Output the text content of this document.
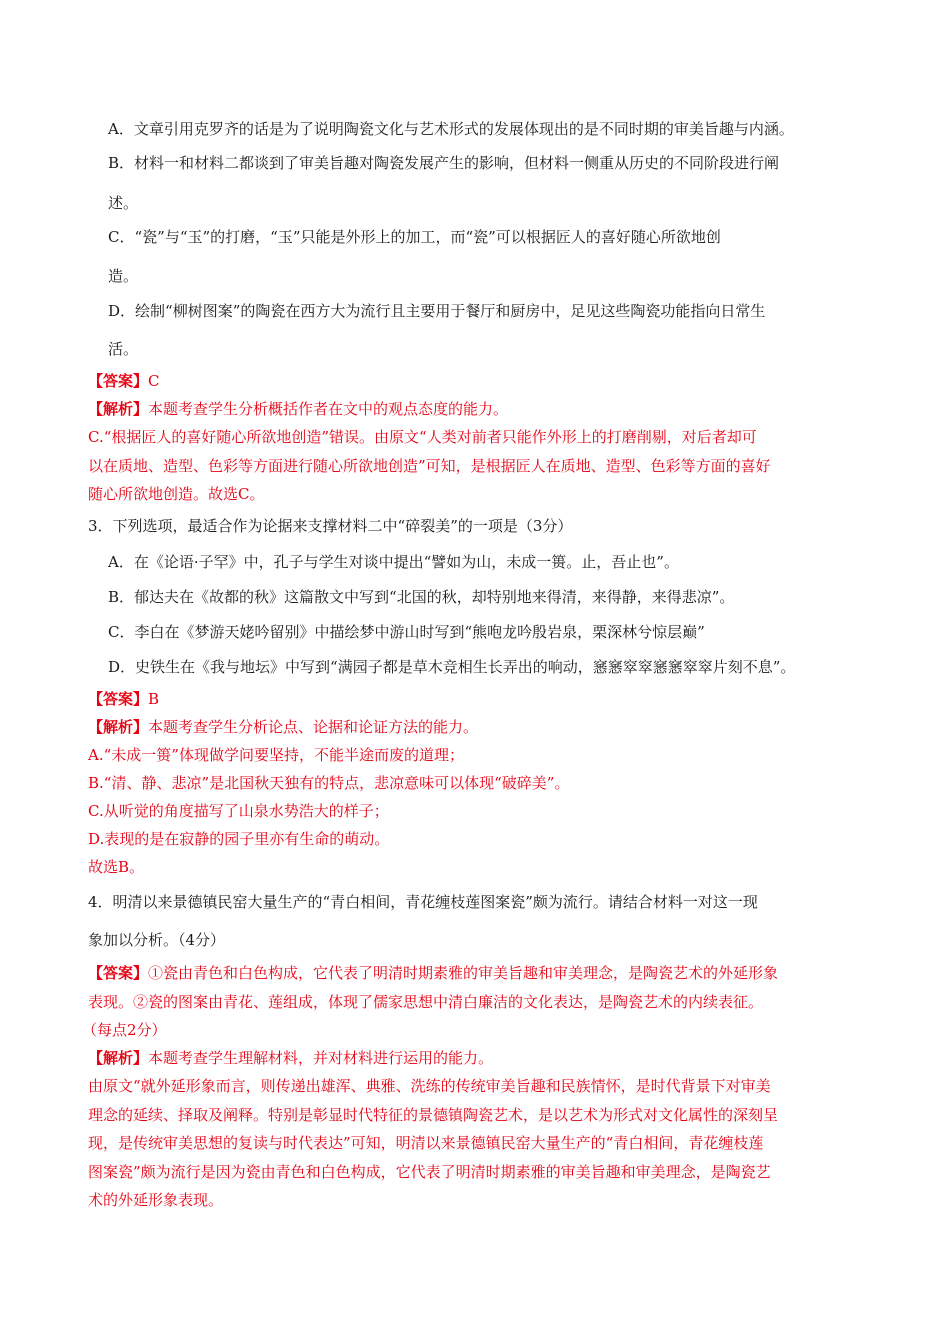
A．文章引用克罗齐的话是为了说明陶瓷文化与艺术形式的发展体现出的是不同时期的审美旨趣与内涵。
B．材料一和材料二都谈到了审美旨趣对陶瓷发展产生的影响，但材料一侧重从历史的不同阶段进行阐
述。
C．“瓷”与“玉”的打磨，“玉”只能是外形上的加工，而“瓷”可以根据匠人的喜好随心所欲地创
造。
D．绘制“柳树图案”的陶瓷在西方大为流行且主要用于餐厅和厨房中，足见这些陶瓷功能指向日常生
活。
【答案】C
【解析】本题考查学生分析概括作者在文中的观点态度的能力。
C.“根据匠人的喜好随心所欲地创造”错误。由原文“人类对前者只能作外形上的打磨削剔，对后者却可
以在质地、造型、色彩等方面进行随心所欲地创造”可知，是根据匠人在质地、造型、色彩等方面的喜好
随心所欲地创造。故选C。
3．下列选项，最适合作为论据来支撑材料二中“碎裂美”的一项是（3分）
A．在《论语·子罕》中，孔子与学生对谈中提出“譬如为山，未成一篑。止，吾止也”。
B．郁达夫在《故都的秋》这篇散文中写到“北国的秋，却特别地来得清，来得静，来得悲凉”。
C．李白在《梦游天姥吟留别》中描绘梦中游山时写到“熊咆龙吟殷岩泉，栗深林兮惊层巅”
D．史铁生在《我与地坛》中写到“满园子都是草木竞相生长弄出的响动，窸窸窣窣窸窸窣窣片刻不息”。
【答案】B
【解析】本题考查学生分析论点、论据和论证方法的能力。
A.“未成一篑”体现做学问要坚持，不能半途而废的道理；
B.“清、静、悲凉”是北国秋天独有的特点，悲凉意味可以体现“破碎美”。
C.从听觉的角度描写了山泉水势浩大的样子；
D.表现的是在寂静的园子里亦有生命的萌动。
故选B。
4．明清以来景德镇民窑大量生产的“青白相间，青花缠枝莲图案瓷”颇为流行。请结合材料一对这一现
象加以分析。（4分）
【答案】①瓷由青色和白色构成，它代表了明清时期素雅的审美旨趣和审美理念，是陶瓷艺术的外延形象
表现。②瓷的图案由青花、莲组成，体现了儒家思想中清白廉洁的文化表达，是陶瓷艺术的内续表征。
（每点2分）
【解析】本题考查学生理解材料，并对材料进行运用的能力。
由原文“就外延形象而言，则传递出雄浑、典雅、洗练的传统审美旨趣和民族情怀，是时代背景下对审美
理念的延续、择取及阐释。特别是彰显时代特征的景德镇陶瓷艺术，是以艺术为形式对文化属性的深刻呈
现，是传统审美思想的复读与时代表达”可知，明清以来景德镇民窑大量生产的“青白相间，青花缠枝莲
图案瓷”颇为流行是因为瓷由青色和白色构成，它代表了明清时期素雅的审美旨趣和审美理念，是陶瓷艺
术的外延形象表现。
